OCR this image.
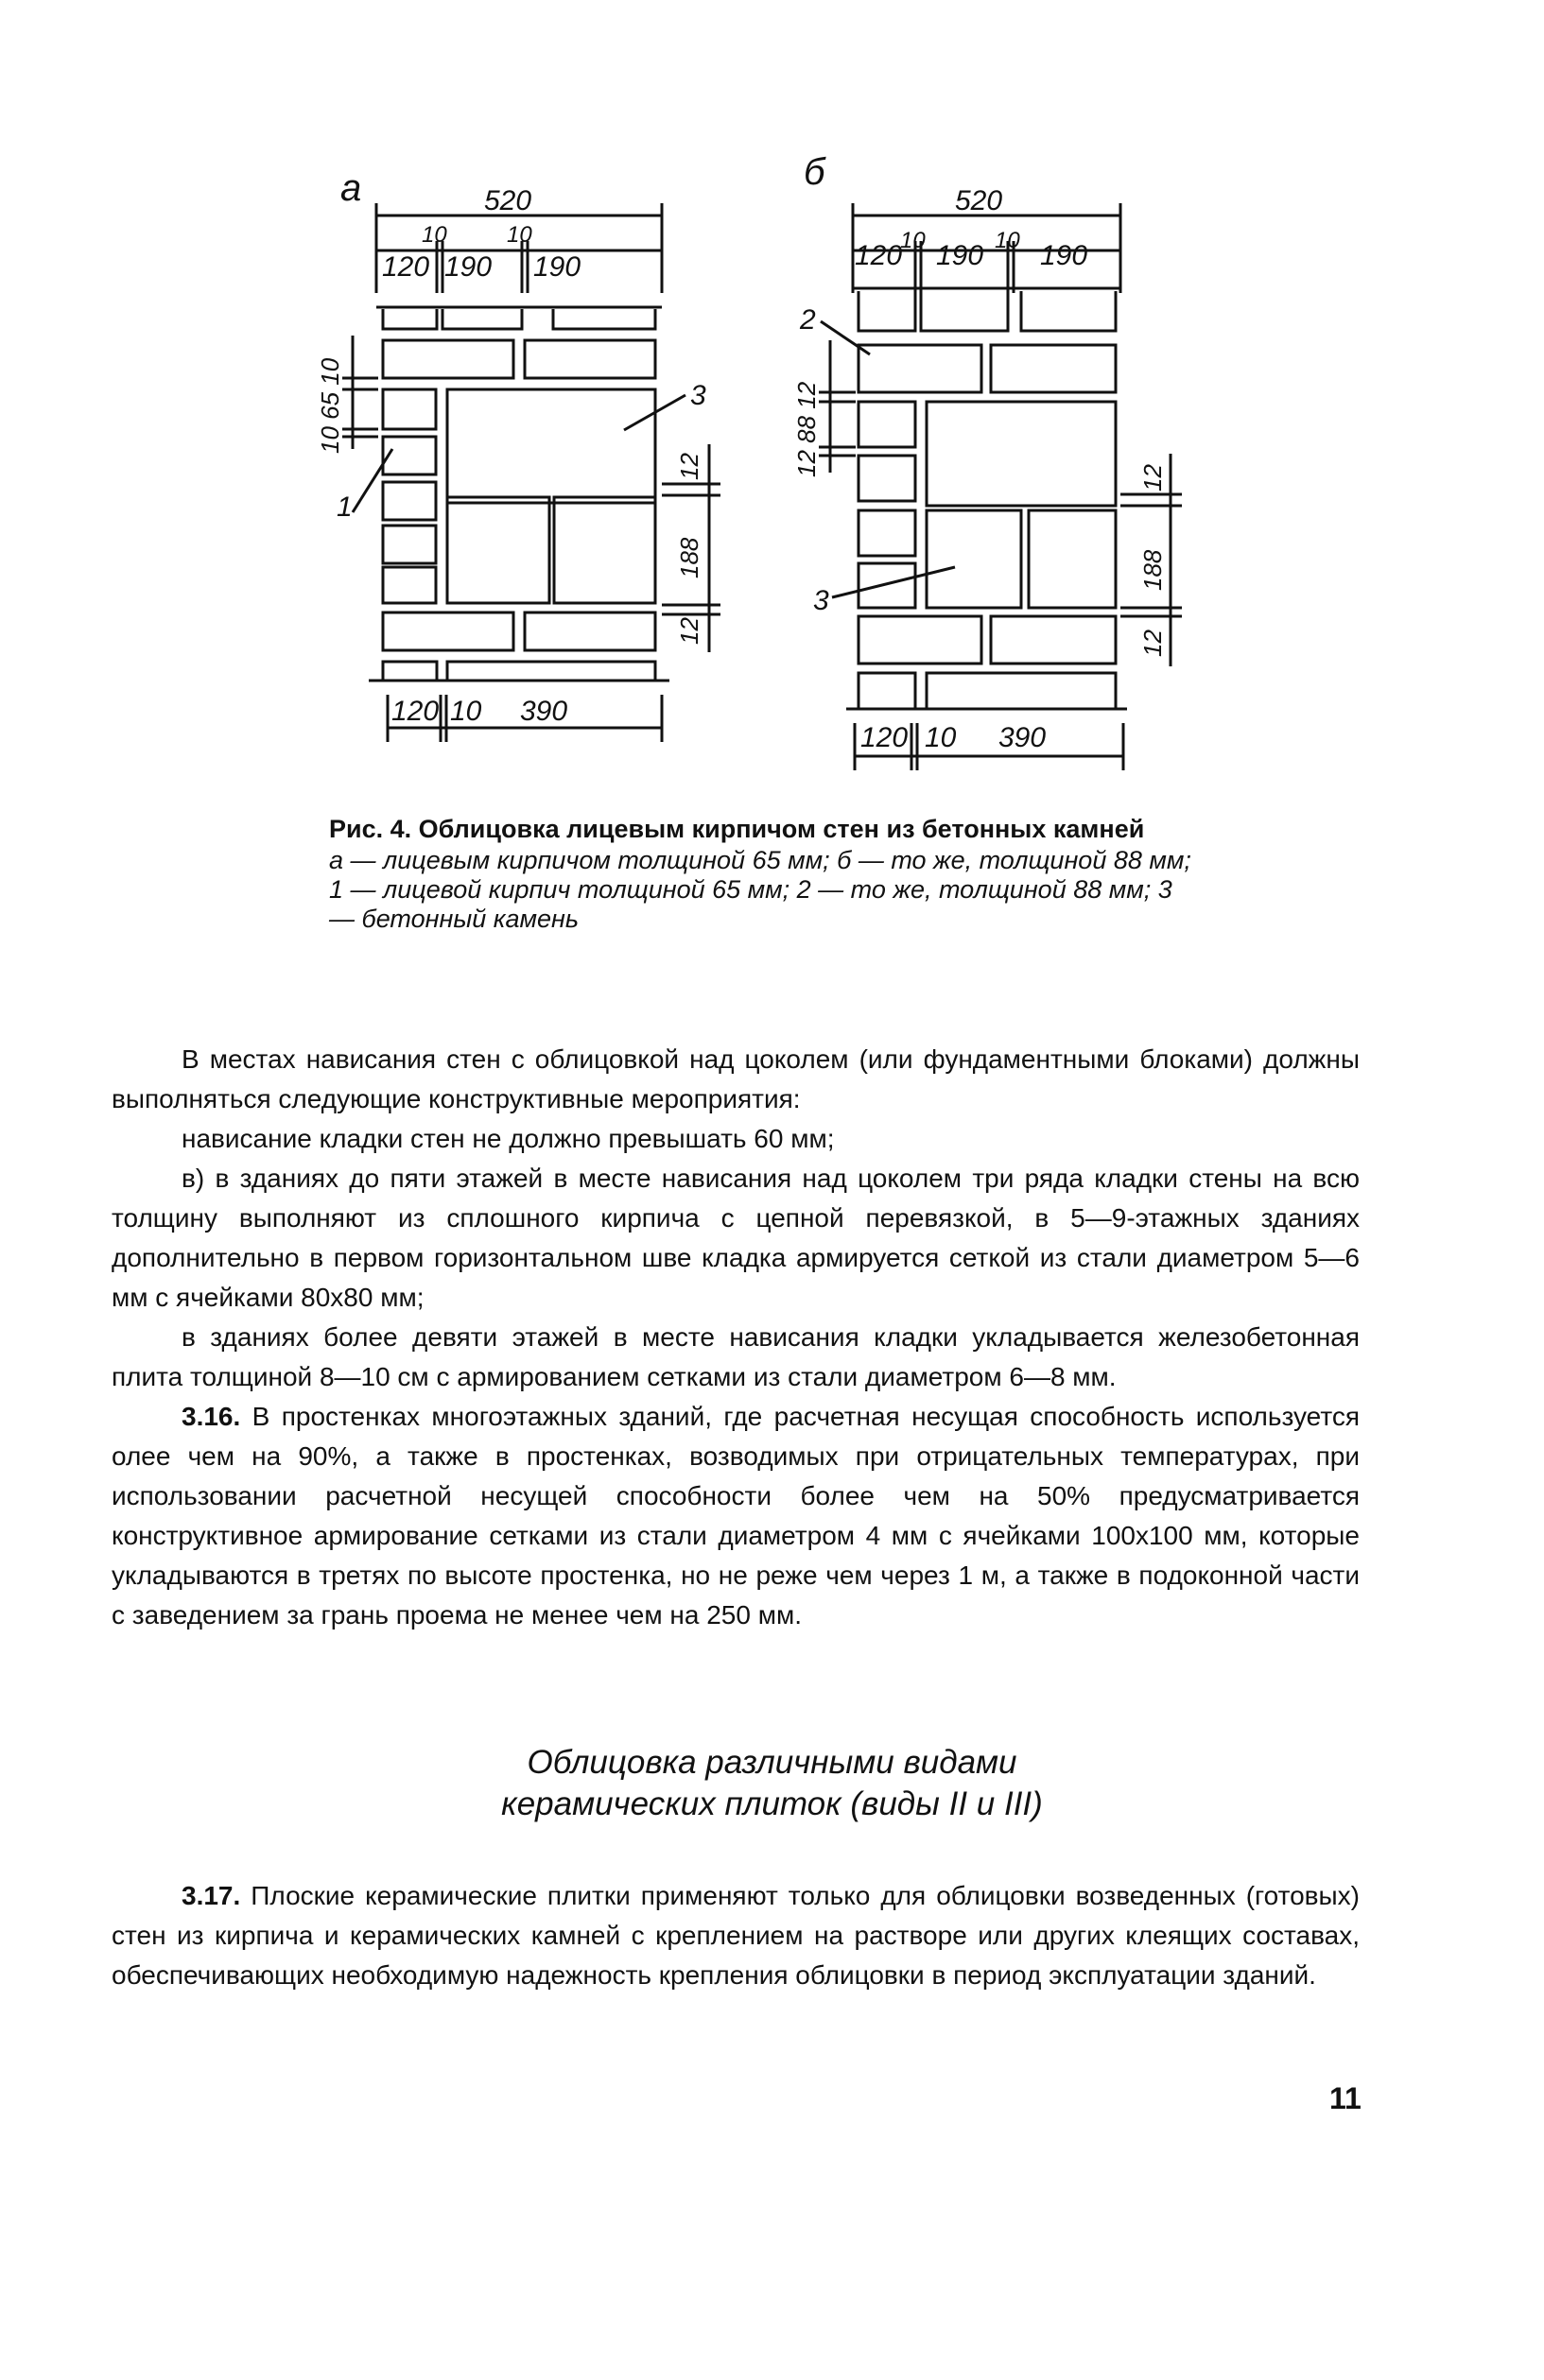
а	б
520
120
10
190
10
190
120 10 390
10 65 10
12
188
12
1
3
520
120
10 190 10 190
120 10 390
12 88 12
12
188
12
2
3

Рис. 4. Облицовка лицевым кирпичом стен из бетонных камней

а — лицевым кирпичом толщиной 65 мм; б — то же, толщиной 88 мм; 1 — лицевой кирпич толщиной 65 мм; 2 — то же, толщиной 88 мм; 3 — бетонный камень

В местах нависания стен с облицовкой над цоколем (или фундаментными блоками) должны выполняться следующие конструктивные мероприятия:

нависание кладки стен не должно превышать 60 мм;

в) в зданиях до пяти этажей в месте нависания над цоколем три ряда кладки стены на всю толщину выполняют из сплошного кирпича с цепной перевязкой, в 5—9-этажных зданиях дополнительно в первом горизонтальном шве кладка армируется сеткой из стали диаметром 5—6 мм с ячейками 80х80 мм;

в зданиях более девяти этажей в месте нависания кладки укладывается железобетонная плита толщиной 8—10 см с армированием сетками из стали диаметром 6—8 мм.

3.16. В простенках многоэтажных зданий, где расчетная несущая способность используется олее чем на 90%, а также в простенках, возводимых при отрицательных температурах, при использовании расчетной несущей способности более чем на 50% предусматривается конструктивное армирование сетками из стали диаметром 4 мм с ячейками 100х100 мм, которые укладываются в третях по высоте простенка, но не реже чем через 1 м, а также в подоконной части с заведением за грань проема не менее чем на 250 мм.

Облицовка различными видами
керамических плиток (виды II и III)

3.17. Плоские керамические плитки применяют только для облицовки возведенных (готовых) стен из кирпича и керамических камней с креплением на растворе или других клеящих составах, обеспечивающих необходимую надежность крепления облицовки в период эксплуатации зданий.

11
